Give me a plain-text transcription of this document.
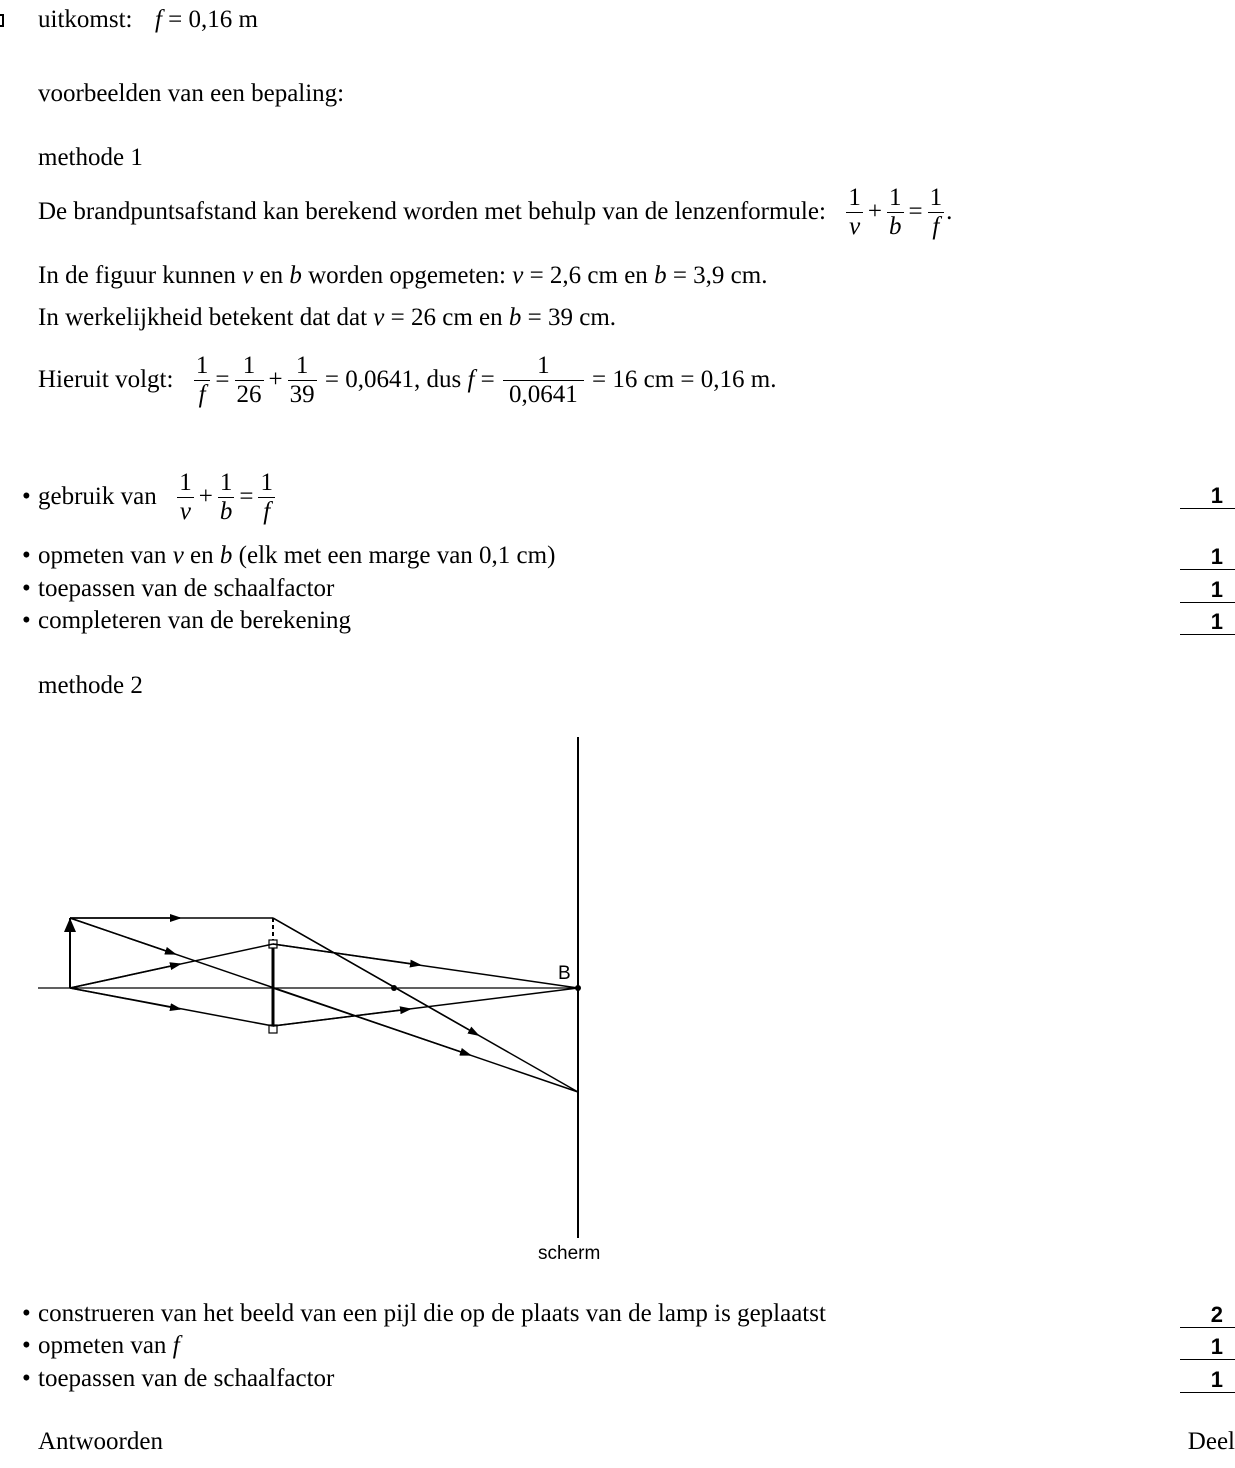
uitkomst: f = 0,16 m
voorbeelden van een bepaling:
methode 1
De brandpuntsafstand kan berekend worden met behulp van de lenzenformule: $\frac{1}{v} + \frac{1}{b} = \frac{1}{f}$ .
In de figuur kunnen v en b worden opgemeten: v = 2,6 cm en b = 3,9 cm.
In werkelijkheid betekent dat dat v = 26 cm en b = 39 cm.
Hieruit volgt: $\frac{1}{f} = \frac{1}{26} + \frac{1}{39} = 0,0641$, dus $f = \frac{1}{0,0641} = 16$ cm = 0,16 m.
• gebruik van $\frac{1}{v} + \frac{1}{b} = \frac{1}{f}$	1
• opmeten van v en b (elk met een marge van 0,1 cm)	1
• toepassen van de schaalfactor	1
• completeren van de berekening	1
methode 2
B
scherm
• construeren van het beeld van een pijl die op de plaats van de lamp is geplaatst	2
• opmeten van f	1
• toepassen van de schaalfactor	1
Antwoorden	Deel
